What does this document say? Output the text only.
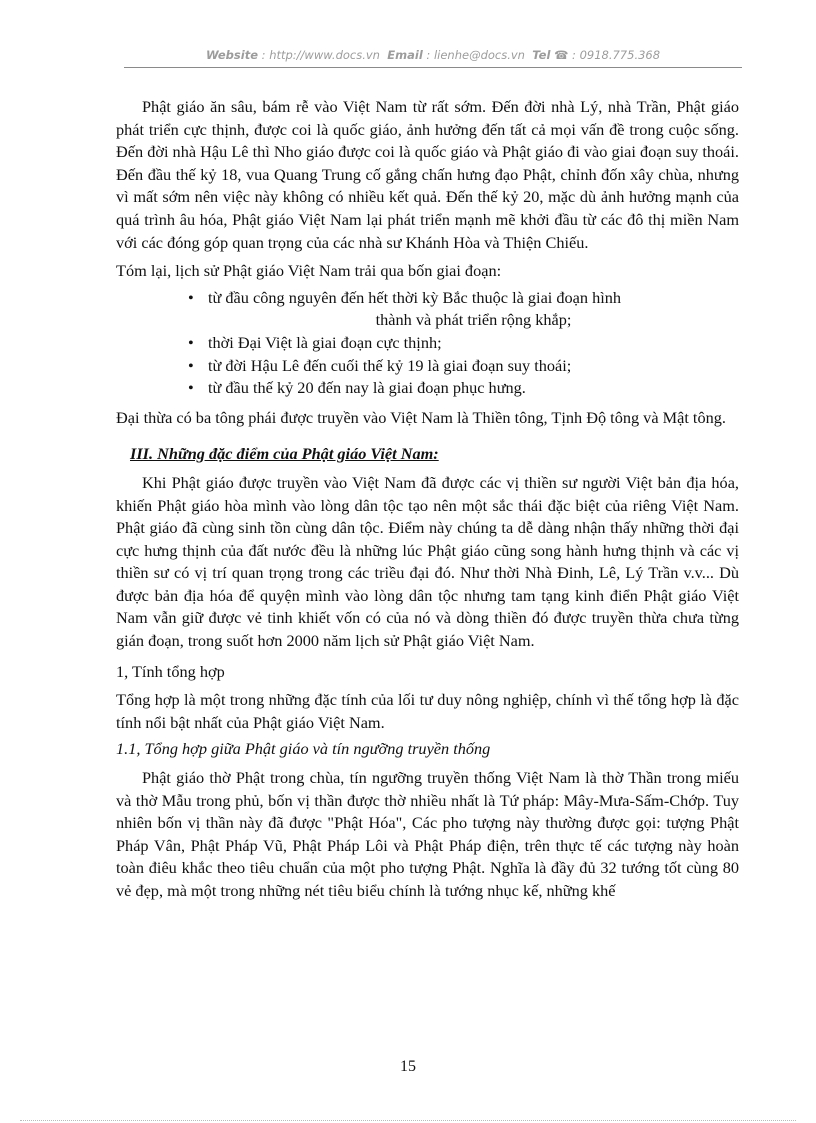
Website : http://www.docs.vn Email : lienhe@docs.vn Tel ☎ : 0918.775.368

Phật giáo ăn sâu, bám rễ vào Việt Nam từ rất sớm. Đến đời nhà Lý, nhà Trần, Phật giáo phát triển cực thịnh, được coi là quốc giáo, ảnh hưởng đến tất cả mọi vấn đề trong cuộc sống. Đến đời nhà Hậu Lê thì Nho giáo được coi là quốc giáo và Phật giáo đi vào giai đoạn suy thoái. Đến đầu thế kỷ 18, vua Quang Trung cố gắng chấn hưng đạo Phật, chỉnh đốn xây chùa, nhưng vì mất sớm nên việc này không có nhiều kết quả. Đến thế kỷ 20, mặc dù ảnh hưởng mạnh của quá trình âu hóa, Phật giáo Việt Nam lại phát triển mạnh mẽ khởi đầu từ các đô thị miền Nam với các đóng góp quan trọng của các nhà sư Khánh Hòa và Thiện Chiếu.

Tóm lại, lịch sử Phật giáo Việt Nam trải qua bốn giai đoạn:

• từ đầu công nguyên đến hết thời kỳ Bắc thuộc là giai đoạn hình
thành và phát triển rộng khắp;
• thời Đại Việt là giai đoạn cực thịnh;
• từ đời Hậu Lê đến cuối thế kỷ 19 là giai đoạn suy thoái;
• từ đầu thế kỷ 20 đến nay là giai đoạn phục hưng.

Đại thừa có ba tông phái được truyền vào Việt Nam là Thiền tông, Tịnh Độ tông và Mật tông.

III. Những đặc điểm của Phật giáo Việt Nam:

Khi Phật giáo được truyền vào Việt Nam đã được các vị thiền sư người Việt bản địa hóa, khiến Phật giáo hòa mình vào lòng dân tộc tạo nên một sắc thái đặc biệt của riêng Việt Nam. Phật giáo đã cùng sinh tồn cùng dân tộc. Điểm này chúng ta dễ dàng nhận thấy những thời đại cực hưng thịnh của đất nước đều là những lúc Phật giáo cũng song hành hưng thịnh và các vị thiền sư có vị trí quan trọng trong các triều đại đó. Như thời Nhà Đinh, Lê, Lý Trần v.v... Dù được bản địa hóa để quyện mình vào lòng dân tộc nhưng tam tạng kinh điển Phật giáo Việt Nam vẫn giữ được vẻ tinh khiết vốn có của nó và dòng thiền đó được truyền thừa chưa từng gián đoạn, trong suốt hơn 2000 năm lịch sử Phật giáo Việt Nam.

1, Tính tổng hợp

Tổng hợp là một trong những đặc tính của lối tư duy nông nghiệp, chính vì thế tổng hợp là đặc tính nổi bật nhất của Phật giáo Việt Nam.

1.1, Tổng hợp giữa Phật giáo và tín ngưỡng truyền thống

Phật giáo thờ Phật trong chùa, tín ngưỡng truyền thống Việt Nam là thờ Thần trong miếu và thờ Mẫu trong phủ, bốn vị thần được thờ nhiều nhất là Tứ pháp: Mây-Mưa-Sấm-Chớp. Tuy nhiên bốn vị thần này đã được "Phật Hóa", Các pho tượng này thường được gọi: tượng Phật Pháp Vân, Phật Pháp Vũ, Phật Pháp Lôi và Phật Pháp điện, trên thực tế các tượng này hoàn toàn điêu khắc theo tiêu chuẩn của một pho tượng Phật. Nghĩa là đầy đủ 32 tướng tốt cùng 80 vẻ đẹp, mà một trong những nét tiêu biểu chính là tướng nhục kế, những khế

15
